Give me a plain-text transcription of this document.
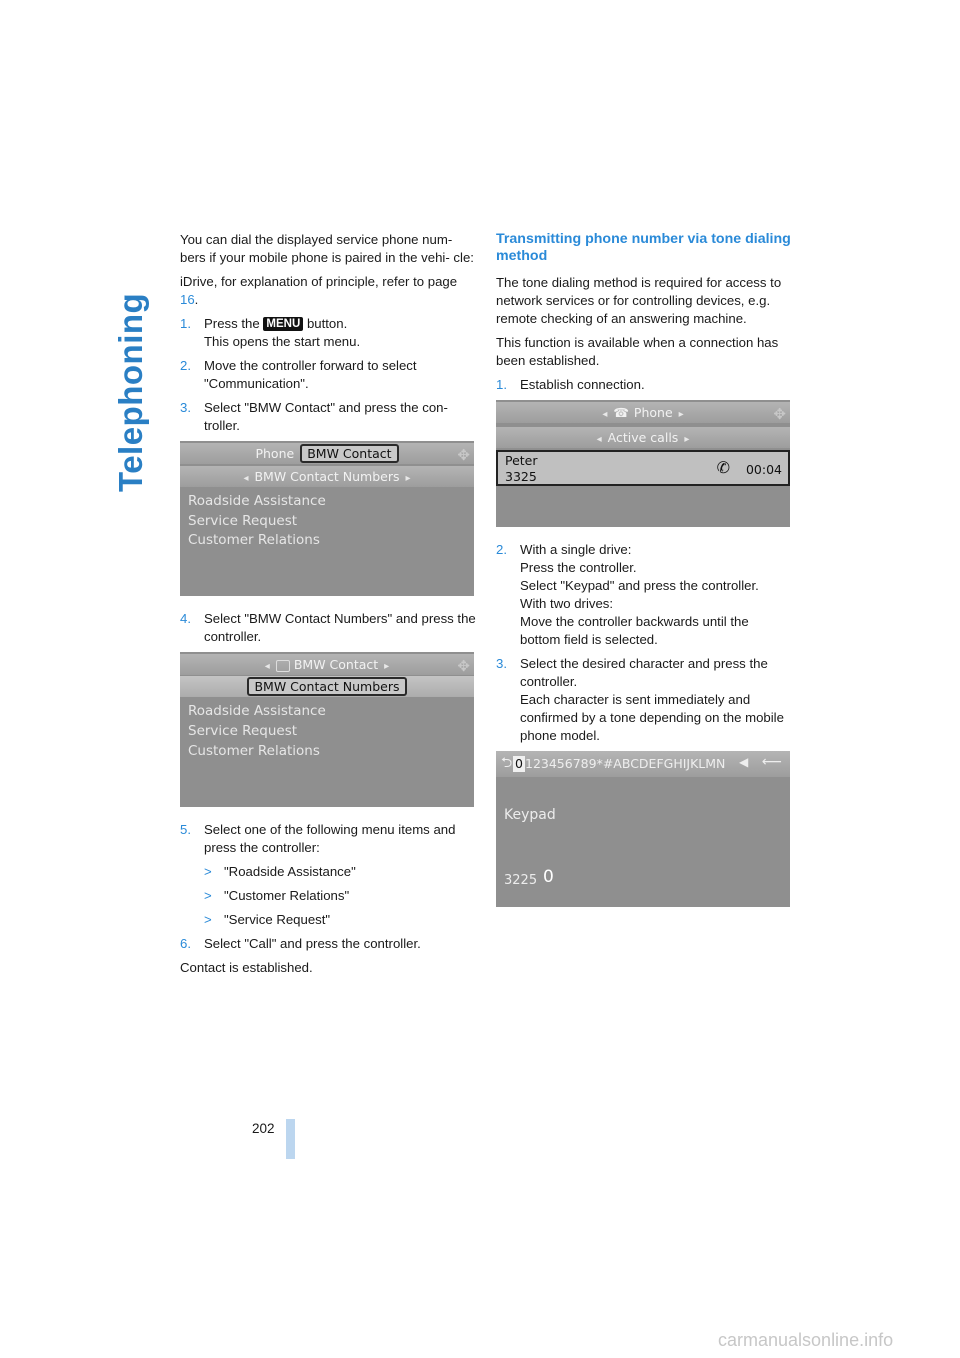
Telephoning

You can dial the displayed service phone num- bers if your mobile phone is paired in the vehi- cle:

iDrive, for explanation of principle, refer to page 16.

1. Press the MENU button.
This opens the start menu.
2. Move the controller forward to select "Communication".
3. Select "BMW Contact" and press the con- troller.
Phone BMW Contact	✥
◂ BMW Contact Numbers ▸
Roadside Assistance
Service Request
Customer Relations
4. Select "BMW Contact Numbers" and press the controller.
◂ BMW Contact ▸	✥
BMW Contact Numbers
Roadside Assistance
Service Request
Customer Relations
5. Select one of the following menu items and press the controller:
> "Roadside Assistance"
> "Customer Relations"
> "Service Request"
6. Select "Call" and press the controller.

Contact is established.

Transmitting phone number via tone dialing method

The tone dialing method is required for access to network services or for controlling devices, e.g. remote checking of an answering machine.

This function is available when a connection has been established.

1. Establish connection.
◂ ☎ Phone ▸	✥
◂ Active calls ▸
Peter
3325	✆ 00:04
2. With a single drive:
Press the controller.
Select "Keypad" and press the controller.
With two drives:
Move the controller backwards until the bottom field is selected.
3. Select the desired character and press the controller.
Each character is sent immediately and confirmed by a tone depending on the mobile phone model.
⮌ 0 123456789*#ABCDEFGHIJKLMN ◀ ⟵
Keypad
3225 0
202
carmanualsonline.info
